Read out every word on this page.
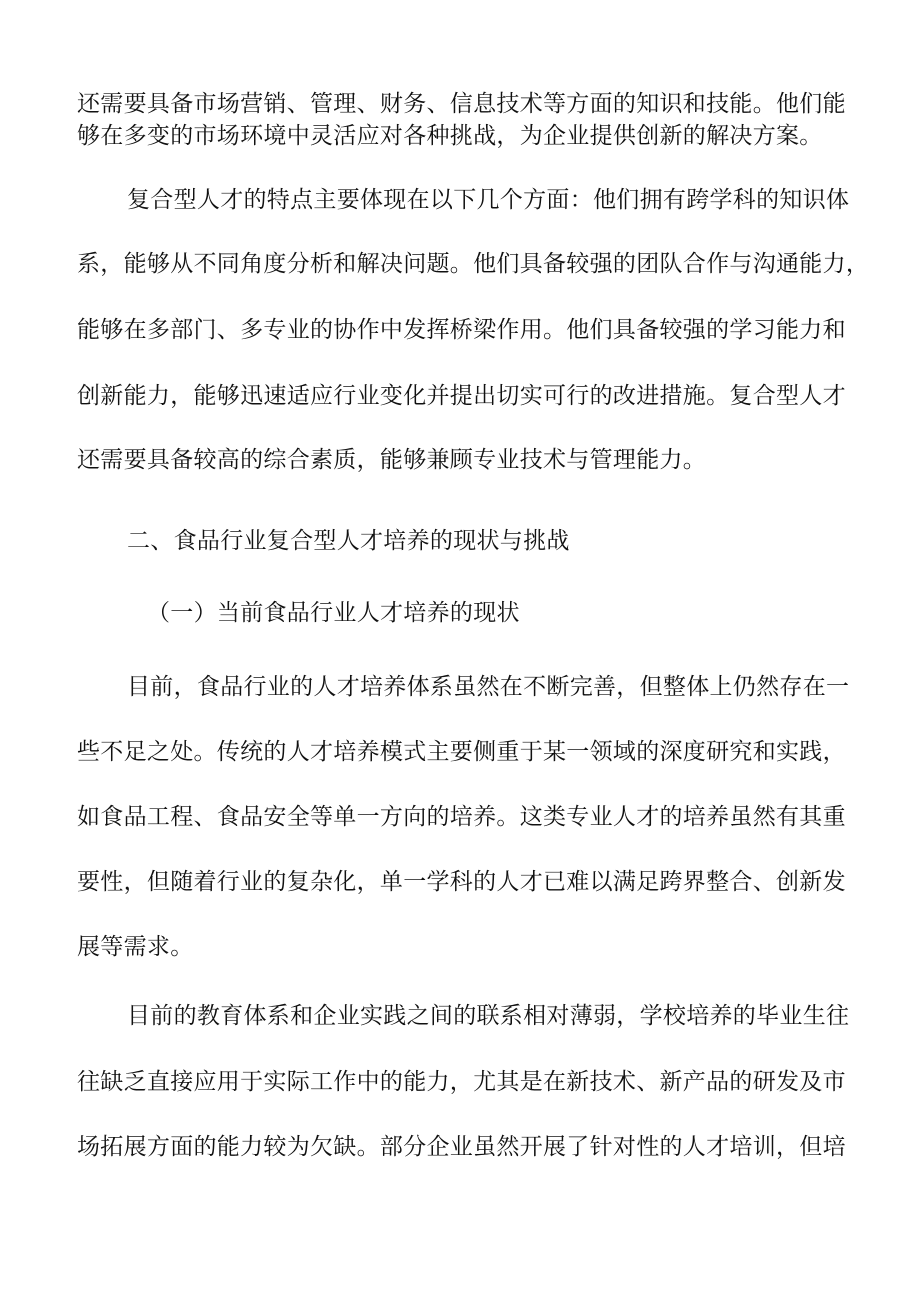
还需要具备市场营销、管理、财务、信息技术等方面的知识和技能。他们能
够在多变的市场环境中灵活应对各种挑战，为企业提供创新的解决方案。
复合型人才的特点主要体现在以下几个方面：他们拥有跨学科的知识体
系，能够从不同角度分析和解决问题。他们具备较强的团队合作与沟通能力，
能够在多部门、多专业的协作中发挥桥梁作用。他们具备较强的学习能力和
创新能力，能够迅速适应行业变化并提出切实可行的改进措施。复合型人才
还需要具备较高的综合素质，能够兼顾专业技术与管理能力。
二、食品行业复合型人才培养的现状与挑战
（一）当前食品行业人才培养的现状
目前，食品行业的人才培养体系虽然在不断完善，但整体上仍然存在一
些不足之处。传统的人才培养模式主要侧重于某一领域的深度研究和实践，
如食品工程、食品安全等单一方向的培养。这类专业人才的培养虽然有其重
要性，但随着行业的复杂化，单一学科的人才已难以满足跨界整合、创新发
展等需求。
目前的教育体系和企业实践之间的联系相对薄弱，学校培养的毕业生往
往缺乏直接应用于实际工作中的能力，尤其是在新技术、新产品的研发及市
场拓展方面的能力较为欠缺。部分企业虽然开展了针对性的人才培训，但培
